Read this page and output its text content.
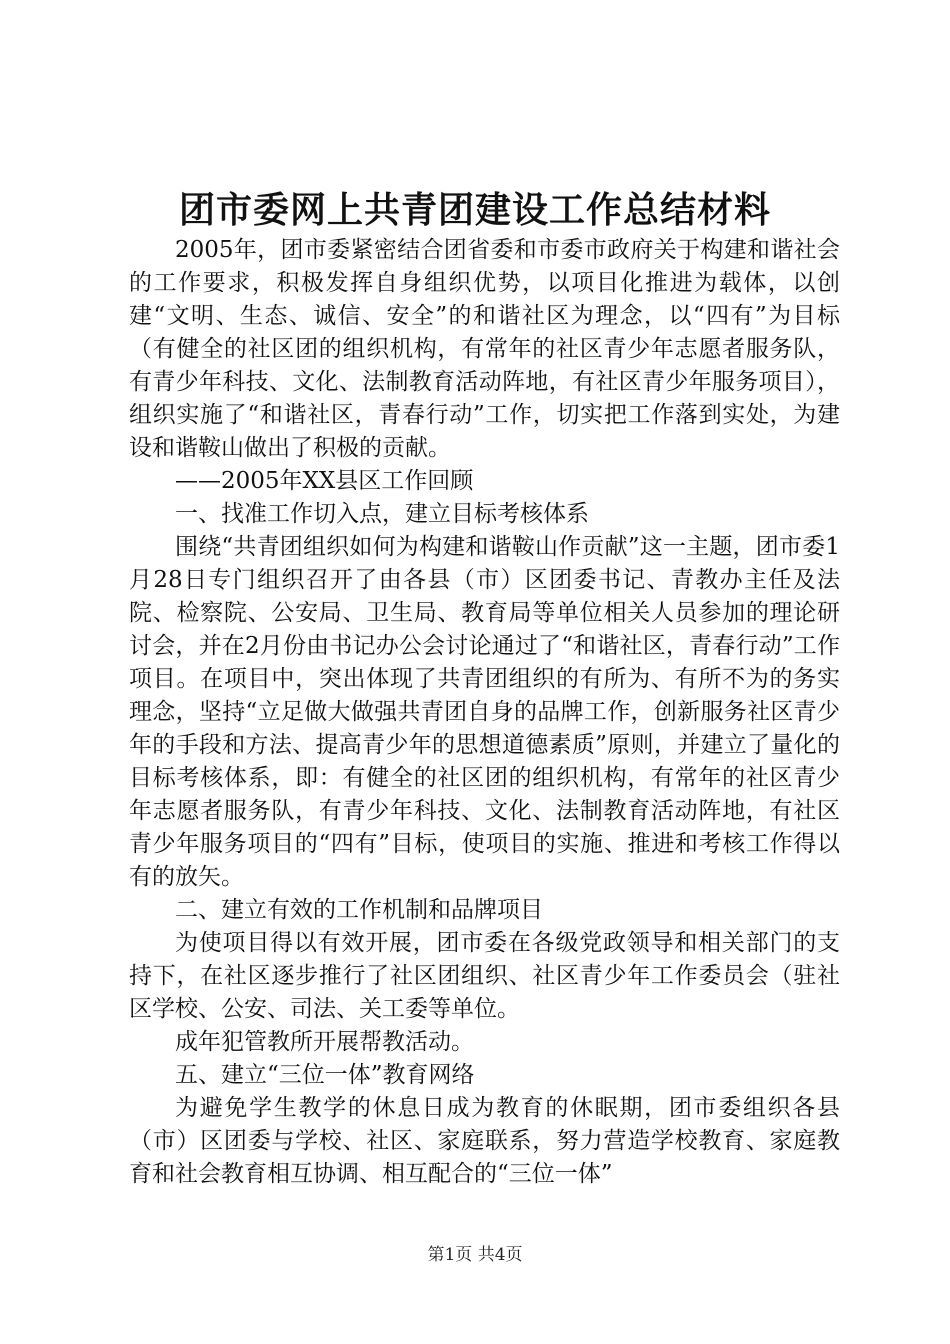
团市委网上共青团建设工作总结材料

2005年，团市委紧密结合团省委和市委市政府关于构建和谐社会的工作要求，积极发挥自身组织优势，以项目化推进为载体，以创建“文明、生态、诚信、安全”的和谐社区为理念，以“四有”为目标（有健全的社区团的组织机构，有常年的社区青少年志愿者服务队，有青少年科技、文化、法制教育活动阵地，有社区青少年服务项目），组织实施了“和谐社区，青春行动”工作，切实把工作落到实处，为建设和谐鞍山做出了积极的贡献。

——2005年XX县区工作回顾

一、找准工作切入点，建立目标考核体系

围绕“共青团组织如何为构建和谐鞍山作贡献”这一主题，团市委1月28日专门组织召开了由各县（市）区团委书记、青教办主任及法院、检察院、公安局、卫生局、教育局等单位相关人员参加的理论研讨会，并在2月份由书记办公会讨论通过了“和谐社区，青春行动”工作项目。在项目中，突出体现了共青团组织的有所为、有所不为的务实理念，坚持“立足做大做强共青团自身的品牌工作，创新服务社区青少年的手段和方法、提高青少年的思想道德素质”原则，并建立了量化的目标考核体系，即：有健全的社区团的组织机构，有常年的社区青少年志愿者服务队，有青少年科技、文化、法制教育活动阵地，有社区青少年服务项目的“四有”目标，使项目的实施、推进和考核工作得以有的放矢。

二、建立有效的工作机制和品牌项目

为使项目得以有效开展，团市委在各级党政领导和相关部门的支持下，在社区逐步推行了社区团组织、社区青少年工作委员会（驻社区学校、公安、司法、关工委等单位。

成年犯管教所开展帮教活动。

五、建立“三位一体”教育网络

为避免学生教学的休息日成为教育的休眠期，团市委组织各县（市）区团委与学校、社区、家庭联系，努力营造学校教育、家庭教育和社会教育相互协调、相互配合的“三位一体”

第1页 共4页
